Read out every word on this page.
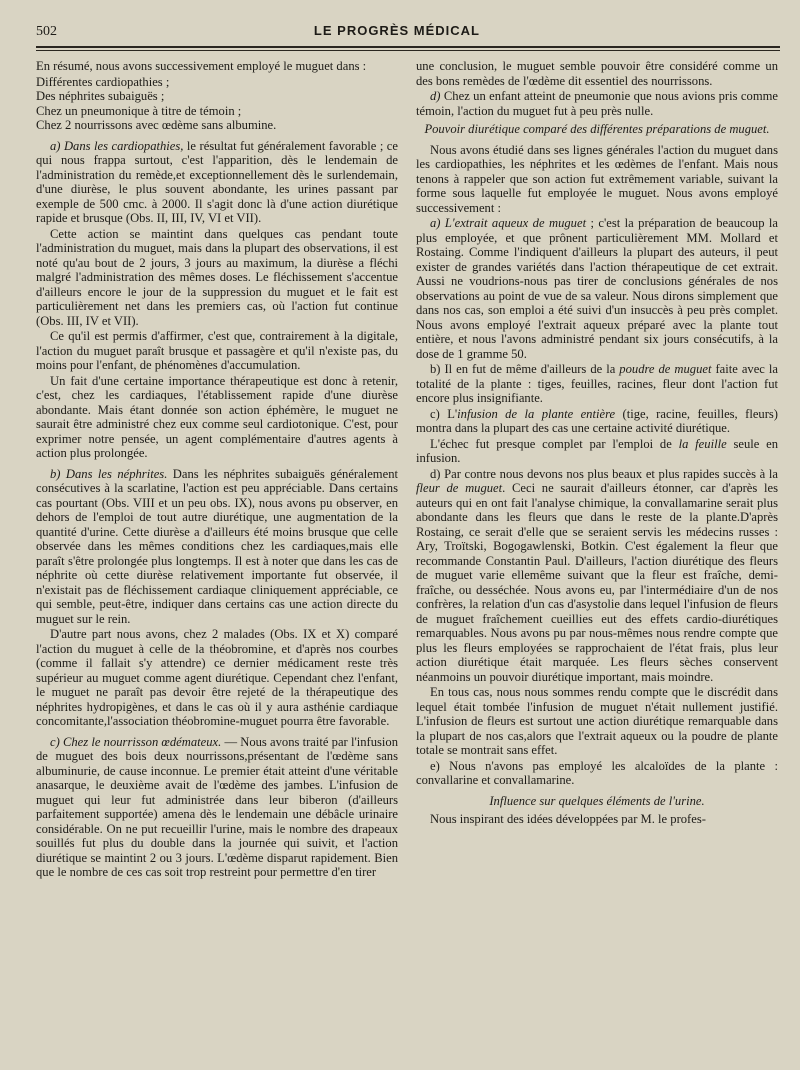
502	LE PROGRÈS MÉDICAL

En résumé, nous avons successivement employé le muguet dans :

Différentes cardiopathies ;

Des néphrites subaiguës ;

Chez un pneumonique à titre de témoin ;

Chez 2 nourrissons avec œdème sans albumine.

a) Dans les cardiopathies, le résultat fut généralement favorable ; ce qui nous frappa surtout, c'est l'apparition, dès le lendemain de l'administration du remède,et exceptionnellement dès le surlendemain, d'une diurèse, le plus souvent abondante, les urines passant par exemple de 500 cmc. à 2000. Il s'agit donc là d'une action diurétique rapide et brusque (Obs. II, III, IV, VI et VII).

Cette action se maintint dans quelques cas pendant toute l'administration du muguet, mais dans la plupart des observations, il est noté qu'au bout de 2 jours, 3 jours au maximum, la diurèse a fléchi malgré l'administration des mêmes doses. Le fléchissement s'accentue d'ailleurs encore le jour de la suppression du muguet et le fait est particulièrement net dans les premiers cas, où l'action fut continue (Obs. III, IV et VII).

Ce qu'il est permis d'affirmer, c'est que, contrairement à la digitale, l'action du muguet paraît brusque et passagère et qu'il n'existe pas, du moins pour l'enfant, de phénomènes d'accumulation.

Un fait d'une certaine importance thérapeutique est donc à retenir, c'est, chez les cardiaques, l'établissement rapide d'une diurèse abondante. Mais étant donnée son action éphémère, le muguet ne saurait être administré chez eux comme seul cardiotonique. C'est, pour exprimer notre pensée, un agent complémentaire d'autres agents à action plus prolongée.

b) Dans les néphrites. Dans les néphrites subaiguës généralement consécutives à la scarlatine, l'action est peu appréciable. Dans certains cas pourtant (Obs. VIII et un peu obs. IX), nous avons pu observer, en dehors de l'emploi de tout autre diurétique, une augmentation de la quantité d'urine. Cette diurèse a d'ailleurs été moins brusque que celle observée dans les mêmes conditions chez les cardiaques,mais elle paraît s'être prolongée plus longtemps. Il est à noter que dans les cas de néphrite où cette diurèse relativement importante fut observée, il n'existait pas de fléchissement cardiaque cliniquement appréciable, ce qui semble, peut-être, indiquer dans certains cas une action directe du muguet sur le rein.

D'autre part nous avons, chez 2 malades (Obs. IX et X) comparé l'action du muguet à celle de la théobromine, et d'après nos courbes (comme il fallait s'y attendre) ce dernier médicament reste très supérieur au muguet comme agent diurétique. Cependant chez l'enfant, le muguet ne paraît pas devoir être rejeté de la thérapeutique des néphrites hydropigènes, et dans le cas où il y aura asthénie cardiaque concomitante,l'association théobromine-muguet pourra être favorable.

c) Chez le nourrisson œdémateux. — Nous avons traité par l'infusion de muguet des bois deux nourrissons,présentant de l'œdème sans albuminurie, de cause inconnue. Le premier était atteint d'une véritable anasarque, le deuxième avait de l'œdème des jambes. L'infusion de muguet qui leur fut administrée dans leur biberon (d'ailleurs parfaitement supportée) amena dès le lendemain une débâcle urinaire considérable. On ne put recueillir l'urine, mais le nombre des drapeaux souillés fut plus du double dans la journée qui suivit, et l'action diurétique se maintint 2 ou 3 jours. L'œdème disparut rapidement. Bien que le nombre de ces cas soit trop restreint pour permettre d'en tirer

une conclusion, le muguet semble pouvoir être considéré comme un des bons remèdes de l'œdème dit essentiel des nourrissons.

d) Chez un enfant atteint de pneumonie que nous avions pris comme témoin, l'action du muguet fut à peu près nulle.

Pouvoir diurétique comparé des différentes préparations de muguet.

Nous avons étudié dans ses lignes générales l'action du muguet dans les cardiopathies, les néphrites et les œdèmes de l'enfant. Mais nous tenons à rappeler que son action fut extrêmement variable, suivant la forme sous laquelle fut employée le muguet. Nous avons employé successivement :

a) L'extrait aqueux de muguet ; c'est la préparation de beaucoup la plus employée, et que prônent particulièrement MM. Mollard et Rostaing. Comme l'indiquent d'ailleurs la plupart des auteurs, il peut exister de grandes variétés dans l'action thérapeutique de cet extrait. Aussi ne voudrions-nous pas tirer de conclusions générales de nos observations au point de vue de sa valeur. Nous dirons simplement que dans nos cas, son emploi a été suivi d'un insuccès à peu près complet. Nous avons employé l'extrait aqueux préparé avec la plante tout entière, et nous l'avons administré pendant six jours consécutifs, à la dose de 1 gramme 50.

b) Il en fut de même d'ailleurs de la poudre de muguet faite avec la totalité de la plante : tiges, feuilles, racines, fleur dont l'action fut encore plus insignifiante.

c) L'infusion de la plante entière (tige, racine, feuilles, fleurs) montra dans la plupart des cas une certaine activité diurétique.

L'échec fut presque complet par l'emploi de la feuille seule en infusion.

d) Par contre nous devons nos plus beaux et plus rapides succès à la fleur de muguet. Ceci ne saurait d'ailleurs étonner, car d'après les auteurs qui en ont fait l'analyse chimique, la convallamarine serait plus abondante dans les fleurs que dans le reste de la plante.D'après Rostaing, ce serait d'elle que se seraient servis les médecins russes : Ary, Troïtski, Bogogawlenski, Botkin. C'est également la fleur que recommande Constantin Paul. D'ailleurs, l'action diurétique des fleurs de muguet varie ellemême suivant que la fleur est fraîche, demi-fraîche, ou desséchée. Nous avons eu, par l'intermédiaire d'un de nos confrères, la relation d'un cas d'asystolie dans lequel l'infusion de fleurs de muguet fraîchement cueillies eut des effets cardio-diurétiques remarquables. Nous avons pu par nous-mêmes nous rendre compte que plus les fleurs employées se rapprochaient de l'état frais, plus leur action diurétique était marquée. Les fleurs sèches conservent néanmoins un pouvoir diurétique important, mais moindre.

En tous cas, nous nous sommes rendu compte que le discrédit dans lequel était tombée l'infusion de muguet n'était nullement justifié. L'infusion de fleurs est surtout une action diurétique remarquable dans la plupart de nos cas,alors que l'extrait aqueux ou la poudre de plante totale se montrait sans effet.

e) Nous n'avons pas employé les alcaloïdes de la plante : convallarine et convallamarine.

Influence sur quelques éléments de l'urine.

Nous inspirant des idées développées par M. le profes-
